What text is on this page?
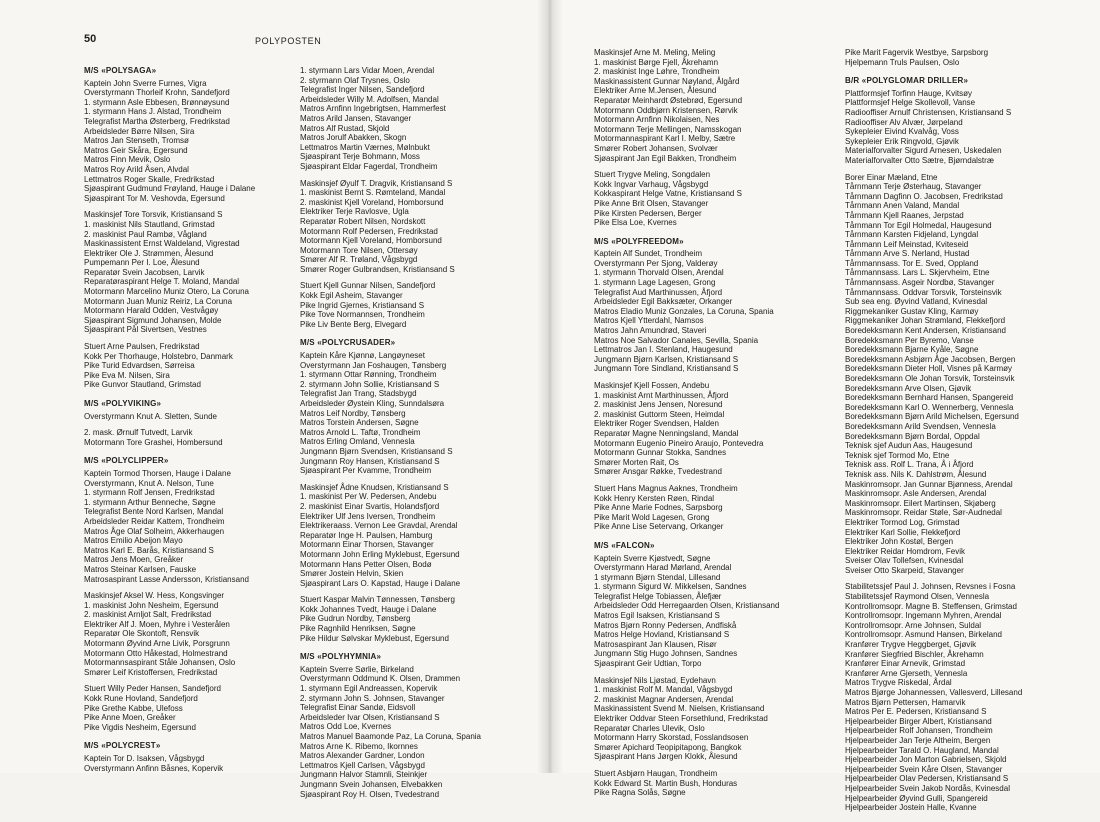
50	POLYPOSTEN
M/S «POLYSAGA»
Kaptein John Sverre Furnes, Vigra
Overstyrmann Thorleif Krohn, Sandefjord
1. styrmann Asle Ebbesen, Brønnøysund
1. styrmann Hans J. Alstad, Trondheim
Telegrafist Martha Østerberg, Fredrikstad
Arbeidsleder Børre Nilsen, Sira
Matros Jan Stenseth, Tromsø
Matros Geir Skåra, Egersund
Matros Finn Mevik, Oslo
Matros Roy Arild Åsen, Alvdal
Lettmatros Roger Skalle, Fredrikstad
Sjøaspirant Gudmund Frøyland, Hauge i Dalane
Sjøaspirant Tor M. Veshovda, Egersund
Maskinsjef Tore Torsvik, Kristiansand S
1. maskinist Nils Stautland, Grimstad
2. maskinist Paul Rambø, Vågland
Maskinassistent Ernst Waldeland, Vigrestad
Elektriker Ole J. Strømmen, Ålesund
Pumpemann Per I. Loe, Ålesund
Reparatør Svein Jacobsen, Larvik
Reparatøraspirant Helge T. Moland, Mandal
Motormann Marcelino Muniz Otero, La Coruna
Motormann Juan Muniz Reiriz, La Coruna
Motormann Harald Odden, Vestvågøy
Sjøaspirant Sigmund Johansen, Molde
Sjøaspirant Pål Sivertsen, Vestnes
Stuert Arne Paulsen, Fredrikstad
Kokk Per Thorhauge, Holstebro, Danmark
Pike Turid Edvardsen, Sørreisa
Pike Eva M. Nilsen, Sira
Pike Gunvor Stautland, Grimstad
M/S «POLYVIKING»
Overstyrmann Knut A. Sletten, Sunde
2. mask. Ørnulf Tutvedt, Larvik
Motormann Tore Grashei, Hombersund
M/S «POLYCLIPPER»
Kaptein Tormod Thorsen, Hauge i Dalane
Overstyrmann, Knut A. Nelson, Tune
1. styrmann Rolf Jensen, Fredrikstad
1. styrmann Arthur Benneche, Søgne
Telegrafist Bente Nord Karlsen, Mandal
Arbeidsleder Reidar Kattem, Trondheim
Matros Åge Olaf Solheim, Akkerhaugen
Matros Emilio Abeijon Mayo
Matros Karl E. Barås, Kristiansand S
Matros Jens Moen, Greåker
Matros Steinar Karlsen, Fauske
Matrosaspirant Lasse Andersson, Kristiansand
Maskinsjef Aksel W. Hess, Kongsvinger
1. maskinist John Nesheim, Egersund
2. maskinist Arnljot Salt, Fredrikstad
Elektriker Alf J. Moen, Myhre i Vesterålen
Reparatør Ole Skontoft, Rensvik
Motormann Øyvind Arne Livik, Porsgrunn
Motormann Otto Håkestad, Holmestrand
Motormannsaspirant Ståle Johansen, Oslo
Smører Leif Kristoffersen, Fredrikstad
Stuert Willy Peder Hansen, Sandefjord
Kokk Rune Hovland, Sandefjord
Pike Grethe Kabbe, Ulefoss
Pike Anne Moen, Greåker
Pike Vigdis Nesheim, Egersund
M/S «POLYCREST»
Kaptein Tor D. Isaksen, Vågsbygd
Overstyrmann Anfinn Båsnes, Kopervik
1. styrmann Lars Vidar Moen, Arendal
2. styrmann Olaf Trysnes, Oslo
Telegrafist Inger Nilsen, Sandefjord
Arbeidsleder Willy M. Adolfsen, Mandal
Matros Arnfinn Ingebrigtsen, Hammerfest
Matros Arild Jansen, Stavanger
Matros Alf Rustad, Skjold
Matros Jorulf Abakken, Skogn
Lettmatros Martin Værnes, Mølnbukt
Sjøaspirant Terje Bohmann, Moss
Sjøaspirant Eldar Fagerdal, Trondheim
Maskinsjef Øyulf T. Dragvik, Kristiansand S
1. maskinist Bernt S. Rømteland, Mandal
2. maskinist Kjell Voreland, Homborsund
Elektriker Terje Ravlosve, Ugla
Reparatør Robert Nilsen, Nordskott
Motormann Rolf Pedersen, Fredrikstad
Motormann Kjell Voreland, Homborsund
Motormann Tore Nilsen, Ottersøy
Smører Alf R. Trøland, Vågsbygd
Smører Roger Gulbrandsen, Kristiansand S
Stuert Kjell Gunnar Nilsen, Sandefjord
Kokk Egil Asheim, Stavanger
Pike Ingrid Gjernes, Kristiansand S
Pike Tove Normannsen, Trondheim
Pike Liv Bente Berg, Elvegard
M/S «POLYCRUSADER»
Kaptein Kåre Kjønnø, Langøyneset
Overstyrmann Jan Foshaugen, Tønsberg
1. styrmann Ottar Rønning, Trondheim
2. styrmann John Sollie, Kristiansand S
Telegrafist Jan Trang, Stadsbygd
Arbeidsleder Øystein Kling, Sunndalsøra
Matros Leif Nordby, Tønsberg
Matros Torstein Andersen, Søgne
Matros Arnold L. Taftø, Trondheim
Matros Erling Omland, Vennesla
Jungmann Bjørn Svendsen, Kristiansand S
Jungmann Roy Hansen, Kristiansand S
Sjøaspirant Per Kvamme, Trondheim
Maskinsjef Ådne Knudsen, Kristiansand S
1. maskinist Per W. Pedersen, Andebu
2. maskinist Einar Svartis, Holandsfjord
Elektriker Ulf Jens Iversen, Trondheim
Elektrikeraass. Vernon Lee Gravdal, Arendal
Reparatør Inge H. Paulsen, Hamburg
Motormann Einar Thorsen, Stavanger
Motormann John Erling Myklebust, Egersund
Motormann Hans Petter Olsen, Bodø
Smører Jostein Helvin, Skien
Sjøaspirant Lars O. Kapstad, Hauge i Dalane
Stuert Kaspar Malvin Tønnessen, Tønsberg
Kokk Johannes Tvedt, Hauge i Dalane
Pike Gudrun Nordby, Tønsberg
Pike Ragnhild Henriksen, Søgne
Pike Hildur Sølvskar Myklebust, Egersund
M/S «POLYHYMNIA»
Kaptein Sverre Sørlie, Birkeland
Overstyrmann Oddmund K. Olsen, Drammen
1. styrmann Egil Andreassen, Kopervik
2. styrmann John S. Johnsen, Stavanger
Telegrafist Einar Sandø, Eidsvoll
Arbeidsleder Ivar Olsen, Kristiansand S
Matros Odd Loe, Kvernes
Matros Manuel Baamonde Paz, La Coruna, Spania
Matros Arne K. Ribemo, Ikornnes
Matros Alexander Gardner, London
Lettmatros Kjell Carlsen, Vågsbygd
Jungmann Halvor Stamnli, Steinkjer
Jungmann Svein Johansen, Elvebakken
Sjøaspirant Roy H. Olsen, Tvedestrand
Maskinsjef Arne M. Meling, Meling
1. maskinist Børge Fjell, Åkrehamn
2. maskinist Inge Løhre, Trondheim
Maskinassistent Gunnar Nøyland, Ålgård
Elektriker Arne M.Jensen, Ålesund
Reparatør Meinhardt Østebrød, Egersund
Motormann Oddbjørn Kristensen, Rørvik
Motormann Arnfinn Nikolaisen, Nes
Motormann Terje Mellingen, Namsskogan
Motormannaspirant Karl I. Melby, Sætre
Smører Robert Johansen, Svolvær
Sjøaspirant Jan Egil Bakken, Trondheim
Stuert Trygve Meling, Songdalen
Kokk Ingvar Varhaug, Vågsbygd
Kokkaspirant Helge Vatne, Kristiansand S
Pike Anne Brit Olsen, Stavanger
Pike Kirsten Pedersen, Berger
Pike Elsa Loe, Kvernes
M/S «POLYFREEDOM»
Kaptein Alf Sundet, Trondheim
Overstyrmann Per Sjong, Valderøy
1. styrmann Thorvald Olsen, Arendal
1. styrmann Lage Lagesen, Grong
Telegrafist Aud Marthinussen, Åfjord
Arbeidsleder Egil Bakksæter, Orkanger
Matros Eladio Muniz Gonzales, La Coruna, Spania
Matros Kjell Ytterdahl, Namsos
Matros Jahn Amundrød, Staveri
Matros Noe Salvador Canales, Sevilla, Spania
Lettmatros Jan I. Stenland, Haugesund
Jungmann Bjørn Karlsen, Kristiansand S
Jungmann Tore Sindland, Kristiansand S
Maskinsjef Kjell Fossen, Andebu
1. maskinist Arnt Marthinussen, Åfjord
2. maskinist Jens Jensen, Noresund
2. maskinist Guttorm Steen, Heimdal
Elektriker Roger Svendsen, Halden
Reparatør Magne Nenningsland, Mandal
Motormann Eugenio Pineiro Araujo, Pontevedra
Motormann Gunnar Stokka, Sandnes
Smører Morten Rait, Os
Smører Ansgar Røkke, Tvedestrand
Stuert Hans Magnus Aaknes, Trondheim
Kokk Henry Kersten Røen, Rindal
Pike Anne Marie Fodnes, Sarpsborg
Pike Marit Wold Lagesen, Grong
Pike Anne Lise Setervang, Orkanger
M/S «FALCON»
Kaptein Sverre Kjøstvedt, Søgne
Overstyrmann Harad Mørland, Arendal
1 styrmann Bjørn Stendal, Lillesand
1. styrmann Sigurd W. Mikkelsen, Sandnes
Telegrafist Helge Tobiassen, Ålefjær
Arbeidsleder Odd Herregaarden Olsen, Kristiansand
Matros Egil Isaksen, Kristiansand S
Matros Bjørn Ronny Pedersen, Andfiskå
Matros Helge Hovland, Kristiansand S
Matrosaspirant Jan Klausen, Risør
Jungmann Stig Hugo Johnsen, Sandnes
Sjøaspirant Geir Udtian, Torpo
Maskinsjef Nils Ljøstad, Eydehavn
1. maskinist Rolf M. Mandal, Vågsbygd
2. maskinist Magnar Andersen, Arendal
Maskinassistent Svend M. Nielsen, Kristiansand
Elektriker Oddvar Steen Forsethlund, Fredrikstad
Reparatør Charles Ulevik, Oslo
Motormann Harry Skorstad, Fosslandsosen
Smører Apichard Teopipitapong, Bangkok
Sjøaspirant Hans Jørgen Klokk, Ålesund
Stuert Asbjørn Haugan, Trondheim
Kokk Edward St. Martin Bush, Honduras
Pike Ragna Solås, Søgne
Pike Marit Fagervik Westbye, Sarpsborg
Hjelpemann Truls Paulsen, Oslo
B/R «POLYGLOMAR DRILLER»
Plattformsjef Torfinn Hauge, Kvitsøy
Plattformsjef Helge Skollevoll, Vanse
Radiooffiser Arnulf Christensen, Kristiansand S
Radiooffiser Alv Alvær, Jørpeland
Sykepleier Eivind Kvalvåg, Voss
Sykepleier Erik Ringvold, Gjøvik
Materialforvalter Sigurd Arnesen, Uskedalen
Materialforvalter Otto Sætre, Bjørndalstræ
Borer Einar Mæland, Etne
Tårnmann Terje Østerhaug, Stavanger
Tårnmann Dagfinn O. Jacobsen, Fredrikstad
Tårnmann Anen Valand, Mandal
Tårnmann Kjell Raanes, Jerpstad
Tårnmann Tor Egil Holmedal, Haugesund
Tårnmann Karsten Fidjeland, Lyngdal
Tårnmann Leif Meinstad, Kviteseid
Tårnmann Arve S. Nerland, Hustad
Tårnmannsass. Tor E. Sved, Oppland
Tårnmannsass. Lars L. Skjervheim, Etne
Tårnmannsass. Asgeir Nordbø, Stavanger
Tårnmannsass. Oddvar Torsvik, Torsteinsvik
Sub sea eng. Øyvind Vatland, Kvinesdal
Riggmekaniker Gustav Kling, Karmøy
Riggmekaniker Johan Strømland, Flekkefjord
Boredekksmann Kent Andersen, Kristiansand
Boredekksmann Per Byremo, Vanse
Boredekksmann Bjarne Kyåle, Søgne
Boredekksmann Asbjørn Åge Jacobsen, Bergen
Boredekksmann Dieter Holl, Visnes på Karmøy
Boredekksmann Ole Johan Torsvik, Torsteinsvik
Boredekksmann Arve Olsen, Gjøvik
Boredekksmann Bernhard Hansen, Spangereid
Boredekksmann Karl O. Wennerberg, Vennesla
Boredekksmann Bjørn Arild Michelsen, Egersund
Boredekksmann Arild Svendsen, Vennesla
Boredekksmann Bjørn Bordal, Oppdal
Teknisk sjef Audun Aas, Haugesund
Teknisk sjef Tormod Mo, Etne
Teknisk ass. Rolf L. Trana, Å i Åfjord
Teknisk ass. Nils K. Dahlstrøm, Ålesund
Maskinromsopr. Jan Gunnar Bjønness, Arendal
Maskinromsopr. Asle Andersen, Arendal
Maskinromsopr. Eilert Martinsen, Skjøberg
Maskinromsopr. Reidar Støle, Sør-Audnedal
Elektriker Tormod Log, Grimstad
Elektriker Karl Sollie, Flekkefjord
Elektriker John Kostøl, Bergen
Elektriker Reidar Homdrom, Fevik
Sveiser Olav Tollefsen, Kvinesdal
Sveiser Otto Skarpeid, Stavanger
Stabilitetssjef Paul J. Johnsen, Revsnes i Fosna
Stabilitetssjef Raymond Olsen, Vennesla
Kontrollromsopr. Magne B. Steffensen, Grimstad
Kontrollromsopr. Ingemann Myhren, Arendal
Kontrollromsopr. Arne Johnsen, Suldal
Kontrollromsopr. Asmund Hansen, Birkeland
Kranfører Trygve Heggberget, Gjøvik
Kranfører Siegfried Bischler, Åkrehamn
Kranfører Einar Arnevik, Grimstad
Kranfører Arne Gjerseth, Vennesla
Matros Trygve Riskedal, Årdal
Matros Bjørge Johannessen, Vallesverd, Lillesand
Matros Bjørn Pettersen, Hamarvik
Matros Per E. Pedersen, Kristiansand S
Hjelpearbeider Birger Albert, Kristiansand
Hjelpearbeider Rolf Johansen, Trondheim
Hjelpearbeider Jan Terje Altheim, Bergen
Hjelpearbeider Tarald O. Haugland, Mandal
Hjelpearbeider Jon Marton Gabrielsen, Skjold
Hjelpearbeider Svein Kåre Olsen, Stavanger
Hjelpearbeider Olav Pedersen, Kristiansand S
Hjelpearbeider Svein Jakob Nordås, Kvinesdal
Hjelpearbeider Øyvind Gulli, Spangereid
Hjelpearbeider Jostein Halle, Kvanne
